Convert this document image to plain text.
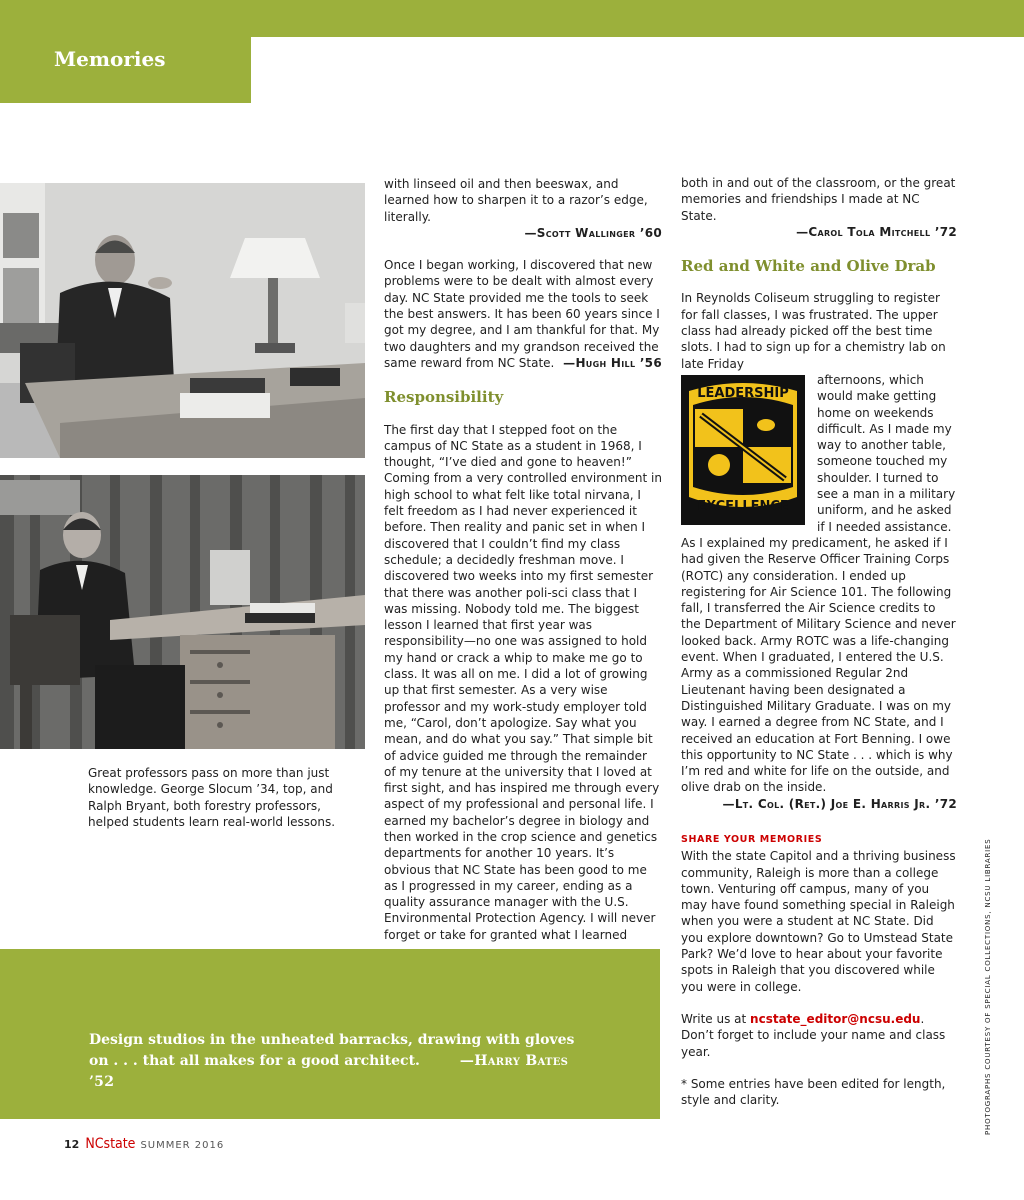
Memories
Great professors pass on more than just knowledge. George Slocum ’34, top, and Ralph Bryant, both forestry professors, helped students learn real-world lessons.

with linseed oil and then beeswax, and learned how to sharpen it to a razor’s edge, literally.

—Scott Wallinger ’60

Once I began working, I discovered that new problems were to be dealt with almost every day. NC State provided me the tools to seek the best answers. It has been 60 years since I got my degree, and I am thankful for that. My two daughters and my grandson received the same reward from NC State. —Hugh Hill ’56

Responsibility

The first day that I stepped foot on the campus of NC State as a student in 1968, I thought, “I’ve died and gone to heaven!” Coming from a very controlled environment in high school to what felt like total nirvana, I felt freedom as I had never experienced it before. Then reality and panic set in when I discovered that I couldn’t find my class schedule; a decidedly freshman move. I discovered two weeks into my first semester that there was another poli-sci class that I was missing. Nobody told me. The biggest lesson I learned that first year was responsibility—no one was assigned to hold my hand or crack a whip to make me go to class. It was all on me. I did a lot of growing up that first semester. As a very wise professor and my work-study employer told me, “Carol, don’t apologize. Say what you mean, and do what you say.” That simple bit of advice guided me through the remainder of my tenure at the university that I loved at first sight, and has inspired me through every aspect of my professional and personal life. I earned my bachelor’s degree in biology and then worked in the crop science and genetics departments for another 10 years. It’s obvious that NC State has been good to me as I progressed in my career, ending as a quality assurance manager with the U.S. Environmental Protection Agency. I will never forget or take for granted what I learned

both in and out of the classroom, or the great memories and friendships I made at NC State.

—Carol Tola Mitchell ’72
Red and White and Olive Drab

In Reynolds Coliseum struggling to register for fall classes, I was frustrated. The upper class had already picked off the best time slots. I had to sign up for a chemistry lab on late Friday

LEADERSHIP
EXCELLENCE

afternoons, which would make getting home on weekends difficult. As I made my way to another table, someone touched my shoulder. I turned to see a man in a military uniform, and he asked if I needed assistance. As I explained my predicament, he asked if I had given the Reserve Officer Training Corps (ROTC) any consideration. I ended up registering for Air Science 101. The following fall, I transferred the Air Science credits to the Department of Military Science and never looked back. Army ROTC was a life-changing event. When I graduated, I entered the U.S. Army as a commissioned Regular 2nd Lieutenant having been designated a Distinguished Military Graduate. I was on my way. I earned a degree from NC State, and I received an education at Fort Benning. I owe this opportunity to NC State . . . which is why I’m red and white for life on the outside, and olive drab on the inside.

—Lt. Col. (Ret.) Joe E. Harris Jr. ’72
SHARE YOUR MEMORIES

With the state Capitol and a thriving business community, Raleigh is more than a college town. Venturing off campus, many of you may have found something special in Raleigh when you were a student at NC State. Did you explore downtown? Go to Umstead State Park? We’d love to hear about your favorite spots in Raleigh that you discovered while you were in college.

Write us at ncstate_editor@ncsu.edu. Don’t forget to include your name and class year.

* Some entries have been edited for length, style and clarity.

Design studios in the unheated barracks, drawing with gloves on . . . that all makes for a good architect.	—Harry Bates ’52	PHOTOGRAPHS COURTESY OF SPECIAL COLLECTIONS, NCSU LIBRARIES
12 NCstate SUMMER 2016
